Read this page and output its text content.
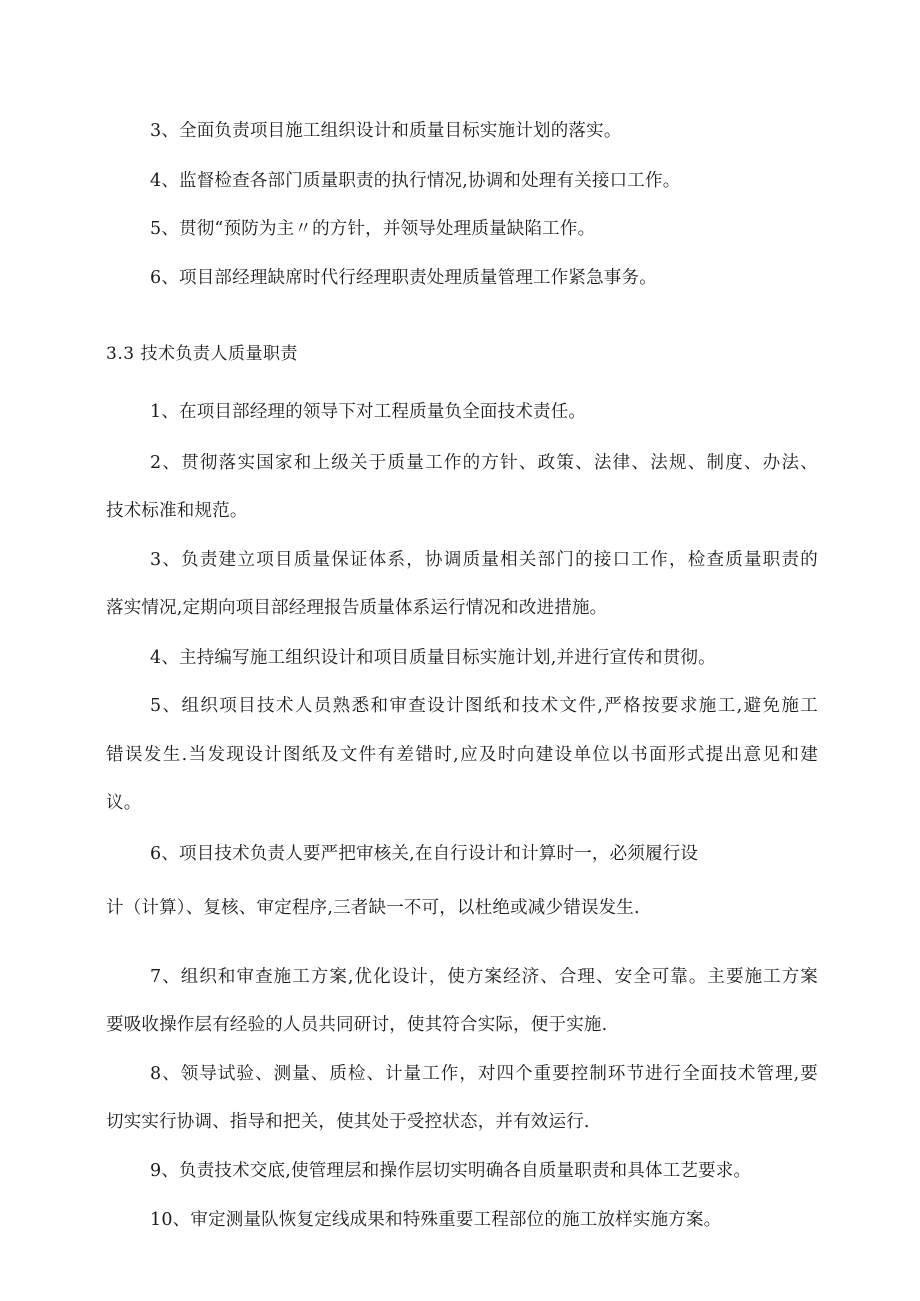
3、全面负责项目施工组织设计和质量目标实施计划的落实。
4、监督检查各部门质量职责的执行情况,协调和处理有关接口工作。
5、贯彻“预防为主〃的方针，并领导处理质量缺陷工作。
6、项目部经理缺席时代行经理职责处理质量管理工作紧急事务。
3.3 技术负责人质量职责
1、在项目部经理的领导下对工程质量负全面技术责任。
2、贯彻落实国家和上级关于质量工作的方针、政策、法律、法规、制度、办法、
技术标准和规范。
3、负责建立项目质量保证体系，协调质量相关部门的接口工作，检查质量职责的
落实情况,定期向项目部经理报告质量体系运行情况和改进措施。
4、主持编写施工组织设计和项目质量目标实施计划,并进行宣传和贯彻。
5、组织项目技术人员熟悉和审查设计图纸和技术文件,严格按要求施工,避免施工
错误发生.当发现设计图纸及文件有差错时,应及时向建设单位以书面形式提出意见和建
议。
6、项目技术负责人要严把审核关,在自行设计和计算时一，必须履行设
计（计算）、复核、审定程序,三者缺一不可，以杜绝或减少错误发生.
7、组织和审查施工方案,优化设计，使方案经济、合理、安全可靠。主要施工方案
要吸收操作层有经验的人员共同研讨，使其符合实际，便于实施.
8、领导试验、测量、质检、计量工作，对四个重要控制环节进行全面技术管理,要
切实实行协调、指导和把关，使其处于受控状态，并有效运行.
9、负责技术交底,使管理层和操作层切实明确各自质量职责和具体工艺要求。
10、审定测量队恢复定线成果和特殊重要工程部位的施工放样实施方案。
